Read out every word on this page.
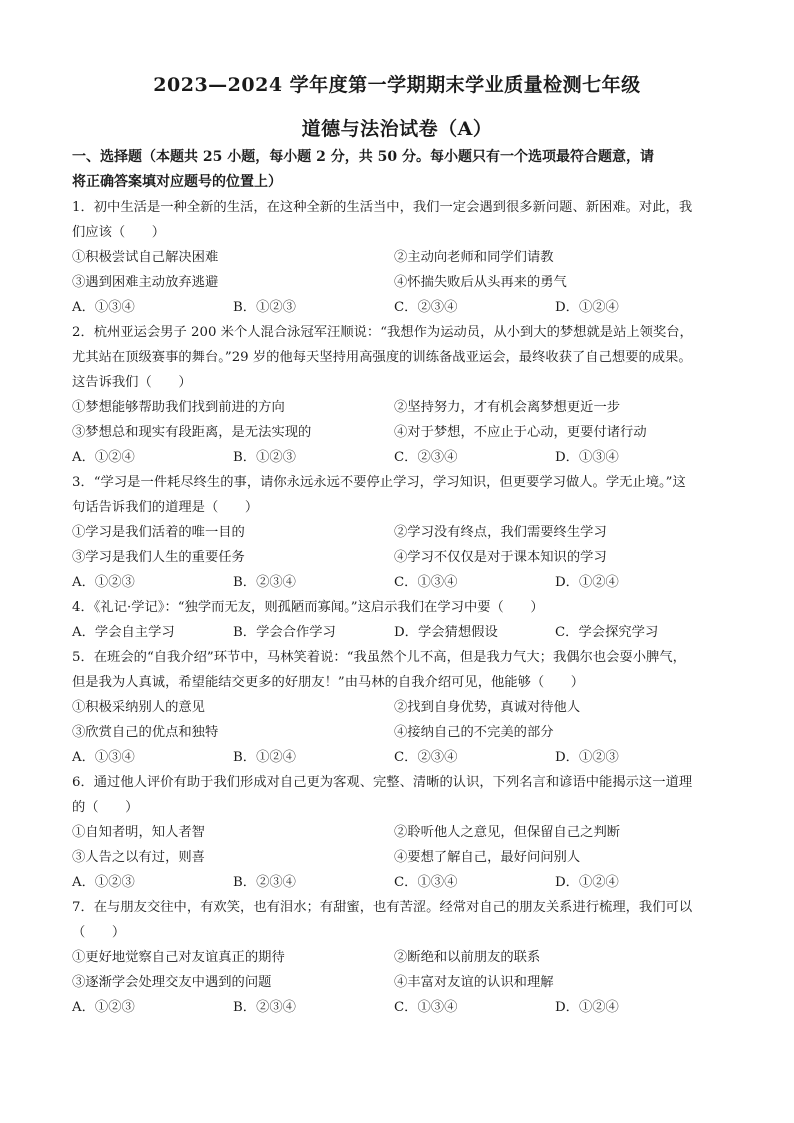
2023—2024 学年度第一学期期末学业质量检测七年级
道德与法治试卷（A）
一、选择题（本题共 25 小题，每小题 2 分，共 50 分。每小题只有一个选项最符合题意，请
将正确答案填对应题号的位置上）
1．初中生活是一种全新的生活，在这种全新的生活当中，我们一定会遇到很多新问题、新困难。对此，我
们应该（　　）
①积极尝试自己解决困难	②主动向老师和同学们请教
③遇到困难主动放弃逃避	④怀揣失败后从头再来的勇气
A．①③④	B．①②③	C．②③④	D．①②④
2．杭州亚运会男子 200 米个人混合泳冠军汪顺说：“我想作为运动员，从小到大的梦想就是站上领奖台，
尤其站在顶级赛事的舞台。”29 岁的他每天坚持用高强度的训练备战亚运会，最终收获了自己想要的成果。
这告诉我们（　　）
①梦想能够帮助我们找到前进的方向	②坚持努力，才有机会离梦想更近一步
③梦想总和现实有段距离，是无法实现的	④对于梦想，不应止于心动，更要付诸行动
A．①②④	B．①②③	C．②③④	D．①③④
3．“学习是一件耗尽终生的事，请你永远永远不要停止学习，学习知识，但更要学习做人。学无止境。”这
句话告诉我们的道理是（　　）
①学习是我们活着的唯一目的	②学习没有终点，我们需要终生学习
③学习是我们人生的重要任务	④学习不仅仅是对于课本知识的学习
A．①②③	B．②③④	C．①③④	D．①②④
4．《礼记·学记》：“独学而无友，则孤陋而寡闻。”这启示我们在学习中要（　　）
A．学会自主学习	B．学会合作学习	D．学会猜想假设	C．学会探究学习
5．在班会的“自我介绍”环节中，马林笑着说：“我虽然个儿不高，但是我力气大；我偶尔也会耍小脾气，
但是我为人真诚，希望能结交更多的好朋友！”由马林的自我介绍可见，他能够（　　）
①积极采纳别人的意见	②找到自身优势，真诚对待他人
③欣赏自己的优点和独特	④接纳自己的不完美的部分
A．①③④	B．①②④	C．②③④	D．①②③
6．通过他人评价有助于我们形成对自己更为客观、完整、清晰的认识，下列名言和谚语中能揭示这一道理
的（　　）
①自知者明，知人者智	②聆听他人之意见，但保留自己之判断
③人告之以有过，则喜	④要想了解自己，最好问问别人
A．①②③	B．②③④	C．①③④	D．①②④
7．在与朋友交往中，有欢笑，也有泪水；有甜蜜，也有苦涩。经常对自己的朋友关系进行梳理，我们可以
（　　）
①更好地觉察自己对友谊真正的期待	②断绝和以前朋友的联系
③逐渐学会处理交友中遇到的问题	④丰富对友谊的认识和理解
A．①②③	B．②③④	C．①③④	D．①②④
